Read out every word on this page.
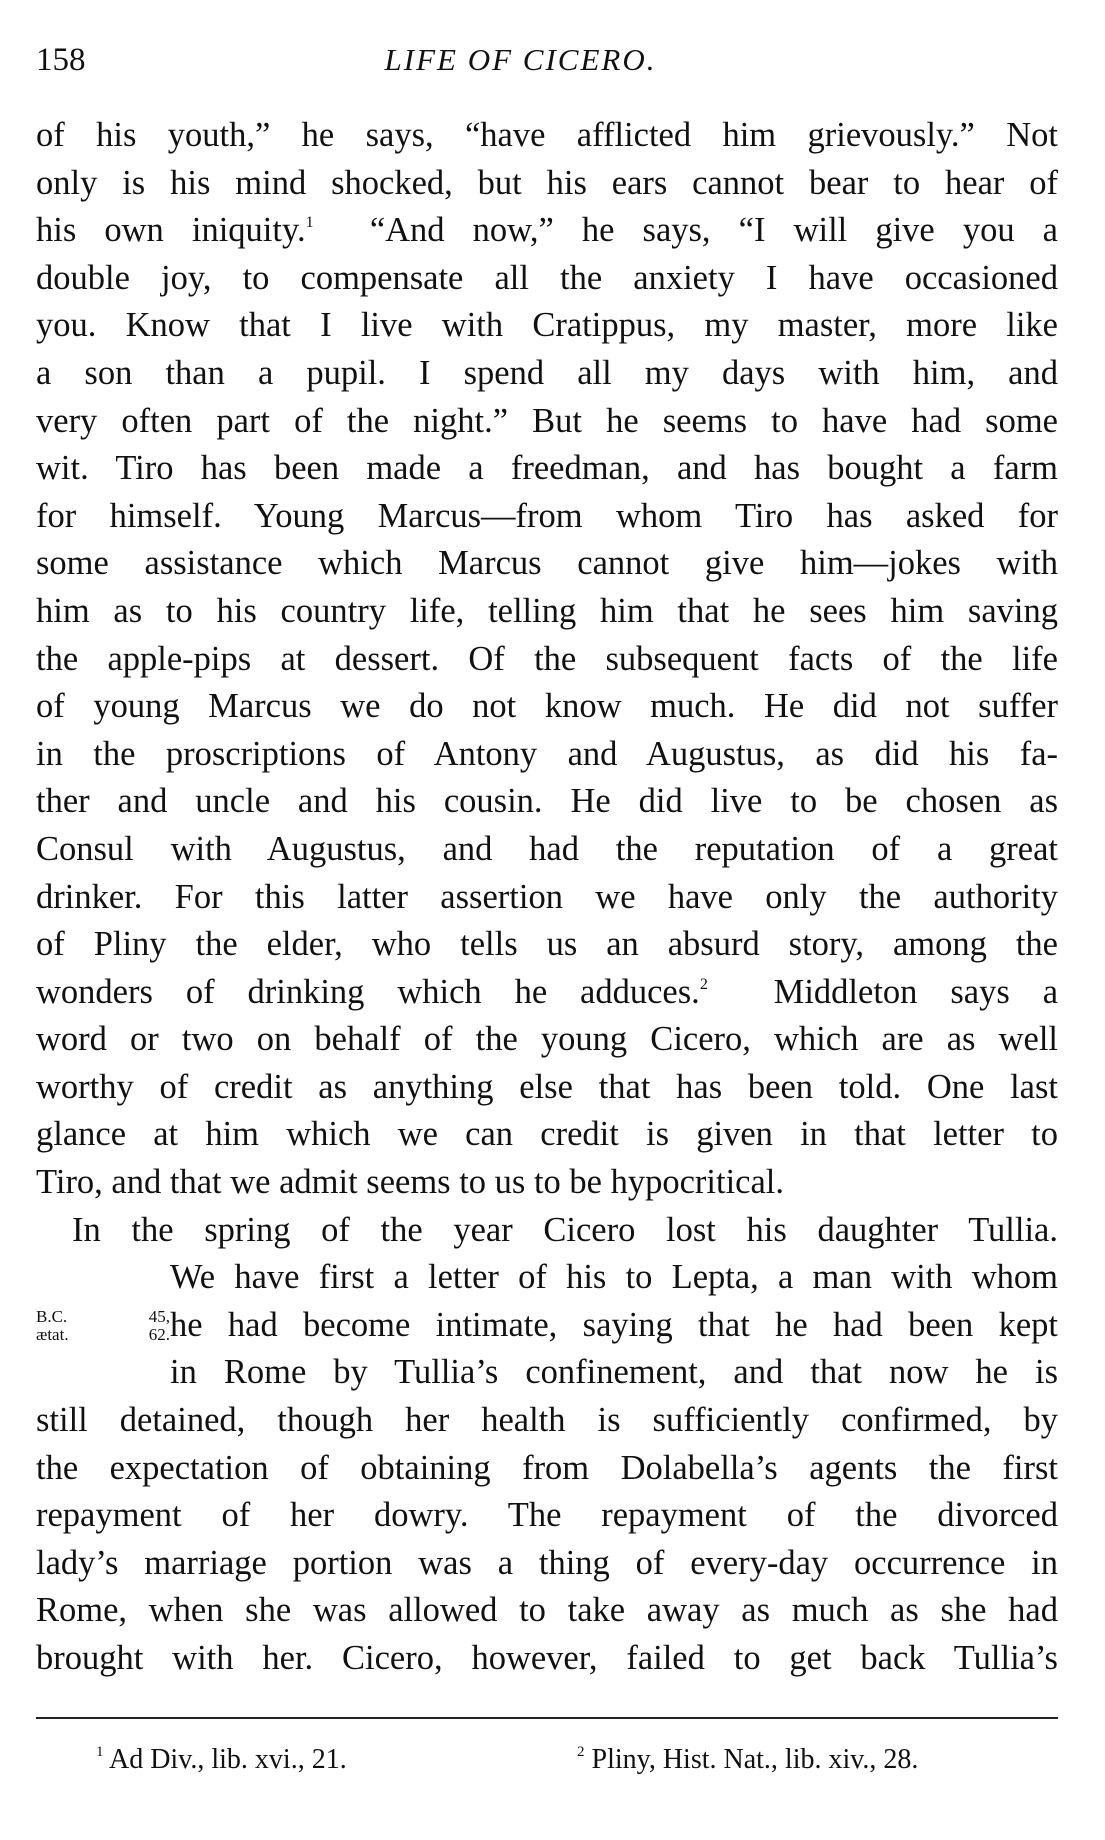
158	LIFE OF CICERO.
of his youth,” he says, “have afflicted him grievously.” Not
only is his mind shocked, but his ears cannot bear to hear of
his own iniquity.$^1$ “And now,” he says, “I will give you a
double joy, to compensate all the anxiety I have occasioned
you. Know that I live with Cratippus, my master, more like
a son than a pupil. I spend all my days with him, and
very often part of the night.” But he seems to have had some
wit. Tiro has been made a freedman, and has bought a farm
for himself. Young Marcus—from whom Tiro has asked for
some assistance which Marcus cannot give him—jokes with
him as to his country life, telling him that he sees him saving
the apple-pips at dessert. Of the subsequent facts of the life
of young Marcus we do not know much. He did not suffer
in the proscriptions of Antony and Augustus, as did his fa-
ther and uncle and his cousin. He did live to be chosen as
Consul with Augustus, and had the reputation of a great
drinker. For this latter assertion we have only the authority
of Pliny the elder, who tells us an absurd story, among the
wonders of drinking which he adduces.$^2$ Middleton says a
word or two on behalf of the young Cicero, which are as well
worthy of credit as anything else that has been told. One last
glance at him which we can credit is given in that letter to
Tiro, and that we admit seems to us to be hypocritical.
In the spring of the year Cicero lost his daughter Tullia.
We have first a letter of his to Lepta, a man with whom
B.C. 45,
ætat. 62. he had become intimate, saying that he had been kept
in Rome by Tullia’s confinement, and that now he is
still detained, though her health is sufficiently confirmed, by
the expectation of obtaining from Dolabella’s agents the first
repayment of her dowry. The repayment of the divorced
lady’s marriage portion was a thing of every-day occurrence in
Rome, when she was allowed to take away as much as she had
brought with her. Cicero, however, failed to get back Tullia’s
$^1$ Ad Div., lib. xvi., 21.	$^2$ Pliny, Hist. Nat., lib. xiv., 28.
